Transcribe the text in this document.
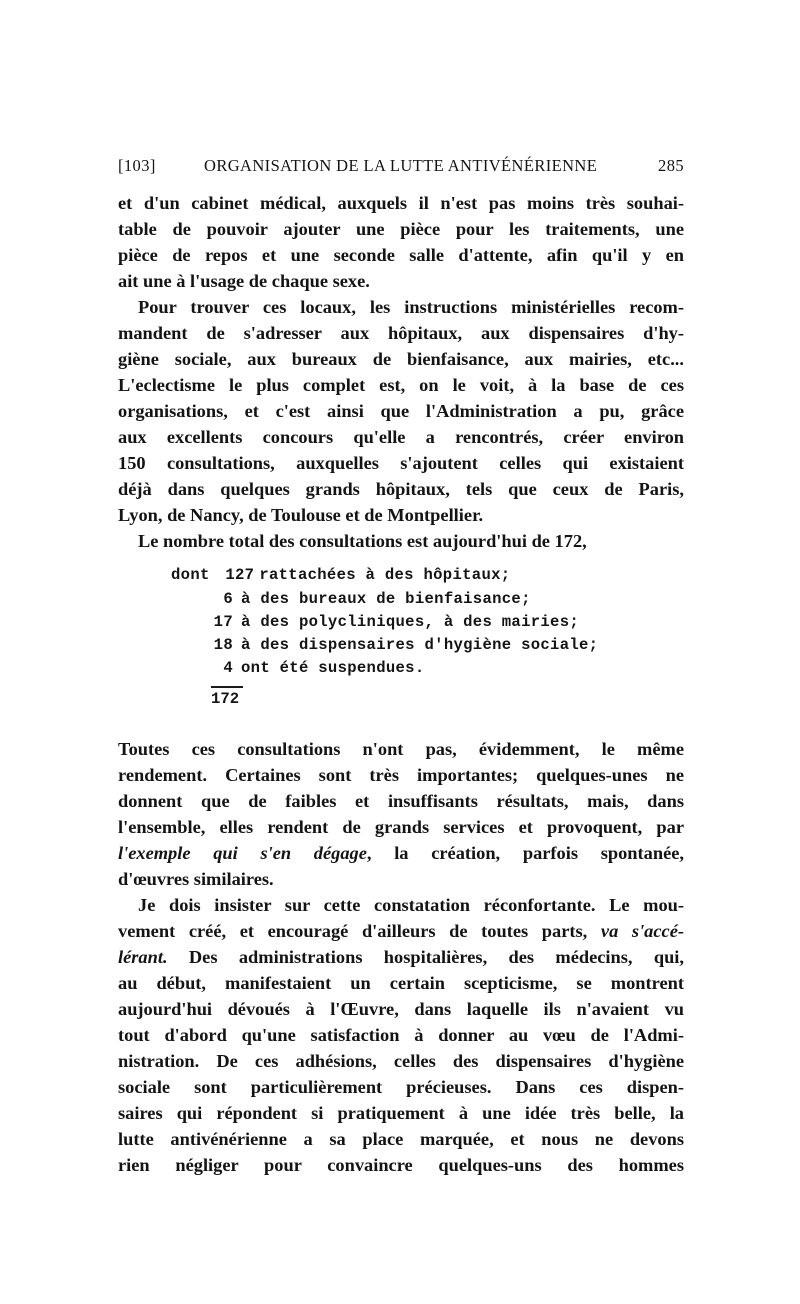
[103]	ORGANISATION DE LA LUTTE ANTIVÉNÉRIENNE	285
et d'un cabinet médical, auxquels il n'est pas moins très souhai-
table de pouvoir ajouter une pièce pour les traitements, une
pièce de repos et une seconde salle d'attente, afin qu'il y en
ait une à l'usage de chaque sexe.
Pour trouver ces locaux, les instructions ministérielles recom-
mandent de s'adresser aux hôpitaux, aux dispensaires d'hy-
giène sociale, aux bureaux de bienfaisance, aux mairies, etc...
L'eclectisme le plus complet est, on le voit, à la base de ces
organisations, et c'est ainsi que l'Administration a pu, grâce
aux excellents concours qu'elle a rencontrés, créer environ
150 consultations, auxquelles s'ajoutent celles qui existaient
déjà dans quelques grands hôpitaux, tels que ceux de Paris,
Lyon, de Nancy, de Toulouse et de Montpellier.
Le nombre total des consultations est aujourd'hui de 172,
dont 127 rattachées à des hôpitaux;
6 à des bureaux de bienfaisance;
17 à des polycliniques, à des mairies;
18 à des dispensaires d'hygiène sociale;
4 ont été suspendues.
172
Toutes ces consultations n'ont pas, évidemment, le même
rendement. Certaines sont très importantes; quelques-unes ne
donnent que de faibles et insuffisants résultats, mais, dans
l'ensemble, elles rendent de grands services et provoquent, par
l'exemple qui s'en dégage, la création, parfois spontanée,
d'œuvres similaires.
Je dois insister sur cette constatation réconfortante. Le mou-
vement créé, et encouragé d'ailleurs de toutes parts, va s'accé-
lérant. Des administrations hospitalières, des médecins, qui,
au début, manifestaient un certain scepticisme, se montrent
aujourd'hui dévoués à l'Œuvre, dans laquelle ils n'avaient vu
tout d'abord qu'une satisfaction à donner au vœu de l'Admi-
nistration. De ces adhésions, celles des dispensaires d'hygiène
sociale sont particulièrement précieuses. Dans ces dispen-
saires qui répondent si pratiquement à une idée très belle, la
lutte antivénérienne a sa place marquée, et nous ne devons
rien négliger pour convaincre quelques-uns des hommes
